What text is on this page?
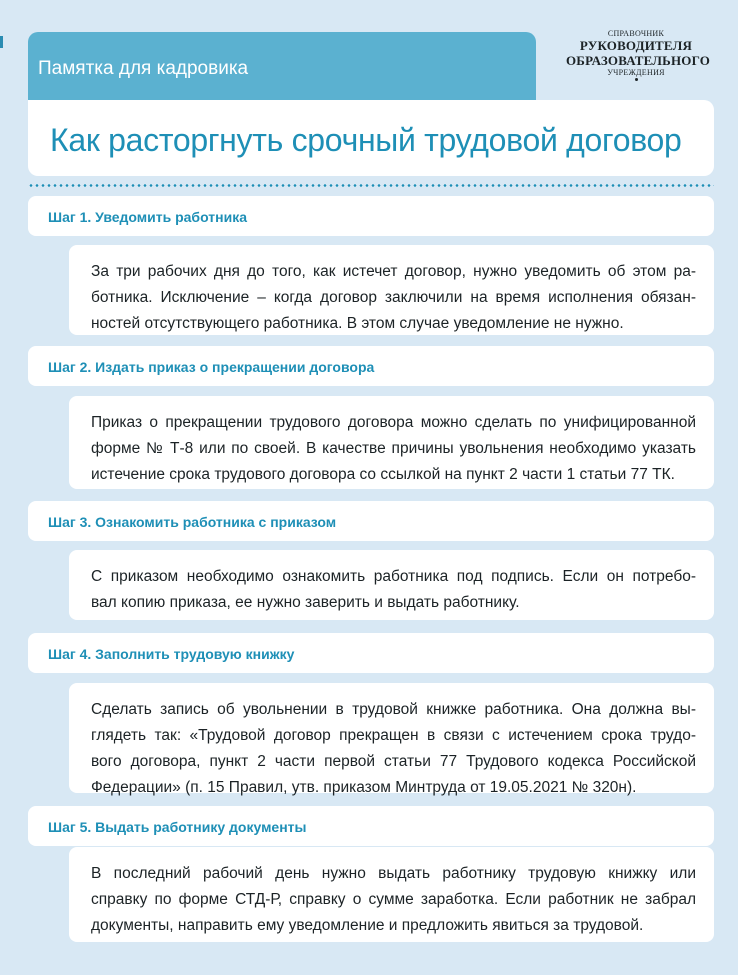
Памятка для кадровика
СПРАВОЧНИК
РУКОВОДИТЕЛЯ
ОБРАЗОВАТЕЛЬНОГО
УЧРЕЖДЕНИЯ
Как расторгнуть срочный трудовой договор
Шаг 1. Уведомить работника
За три рабочих дня до того, как истечет договор, нужно уведомить об этом ра-
ботника. Исключение – когда договор заключили на время исполнения обязан-
ностей отсутствующего работника. В этом случае уведомление не нужно.
Шаг 2. Издать приказ о прекращении договора
Приказ о прекращении трудового договора можно сделать по унифицированной
форме № Т-8 или по своей. В качестве причины увольнения необходимо указать
истечение срока трудового договора со ссылкой на пункт 2 части 1 статьи 77 ТК.
Шаг 3. Ознакомить работника с приказом
С приказом необходимо ознакомить работника под подпись. Если он потребо-
вал копию приказа, ее нужно заверить и выдать работнику.
Шаг 4. Заполнить трудовую книжку
Сделать запись об увольнении в трудовой книжке работника. Она должна вы-
глядеть так: «Трудовой договор прекращен в связи с истечением срока трудо-
вого договора, пункт 2 части первой статьи 77 Трудового кодекса Российской
Федерации» (п. 15 Правил, утв. приказом Минтруда от 19.05.2021 № 320н).
Шаг 5. Выдать работнику документы
В последний рабочий день нужно выдать работнику трудовую книжку или
справку по форме СТД-Р, справку о сумме заработка. Если работник не забрал
документы, направить ему уведомление и предложить явиться за трудовой.
